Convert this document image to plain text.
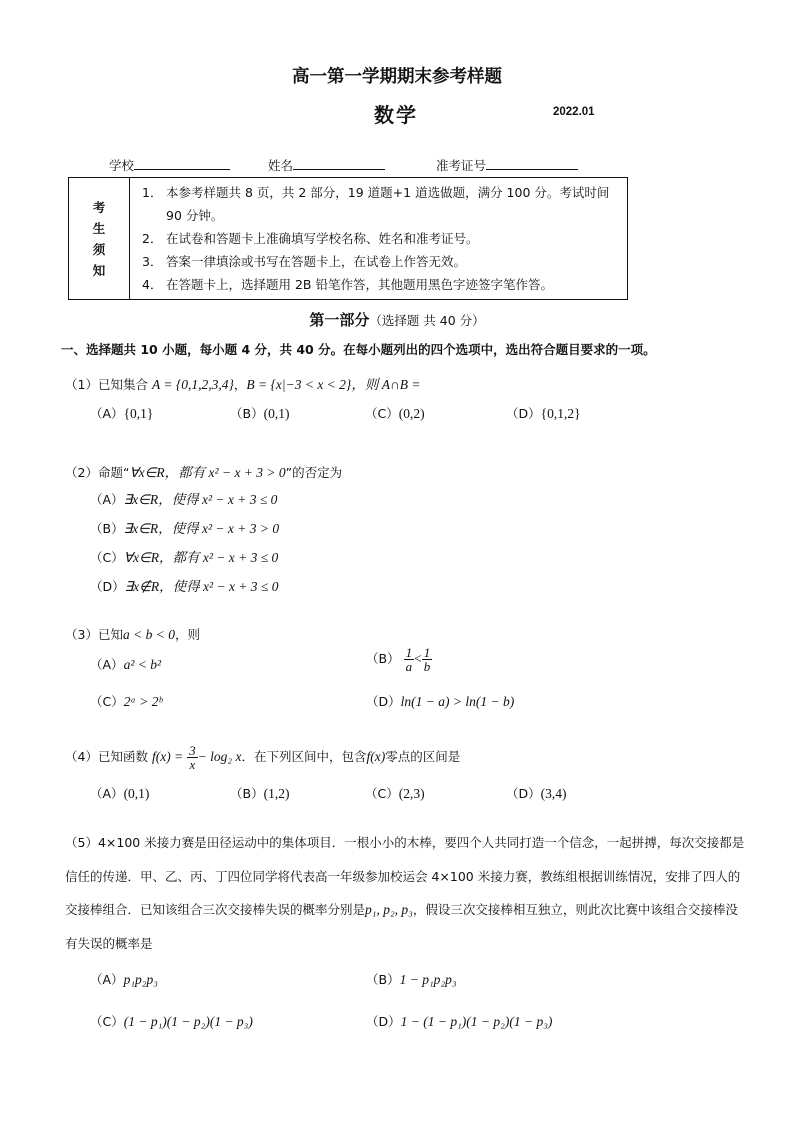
高一第一学期期末参考样题
数学	2022.01
学校	姓名	准考证号
考
生
须
知

1． 本参考样题共 8 页，共 2 部分，19 道题+1 道选做题，满分 100 分。考试时间 90 分钟。
2． 在试卷和答题卡上准确填写学校名称、姓名和准考证号。
3． 答案一律填涂或书写在答题卡上，在试卷上作答无效。
4． 在答题卡上，选择题用 2B 铅笔作答，其他题用黑色字迹签字笔作答。
第一部分（选择题 共 40 分）
一、选择题共 10 小题，每小题 4 分，共 40 分。在每小题列出的四个选项中，选出符合题目要求的一项。
（1）已知集合 A = {0,1,2,3,4}，B = {x|−3 < x < 2}，则 A∩B =
（A）{0,1}	（B）(0,1)	（C）(0,2)	（D）{0,1,2}
（2）命题“∀x∈R，都有 x² − x + 3 > 0”的否定为
（A）∃x∈R，使得 x² − x + 3 ≤ 0
（B）∃x∈R，使得 x² − x + 3 > 0
（C）∀x∈R，都有 x² − x + 3 ≤ 0
（D）∃x∉R，使得 x² − x + 3 ≤ 0
（3）已知a < b < 0，则
（A）a² < b²	$(B) \frac{1}{a} < \frac{1}{b}$
（C）2ᵃ > 2ᵇ	（D）ln(1 − a) > ln(1 − b)
（4）已知函数 $f(x) = \frac{3}{x} - \log_2$ x．在下列区间中，包含f(x)零点的区间是
（A）(0,1)	（B）(1,2)	（C）(2,3)	（D）(3,4)
（5）4×100 米接力赛是田径运动中的集体项目．一根小小的木棒，要四个人共同打造一个信念，一起拼搏，每次交接都是信任的传递．甲、乙、丙、丁四位同学将代表高一年级参加校运会 4×100 米接力赛，教练组根据训练情况，安排了四人的交接棒组合．已知该组合三次交接棒失误的概率分别是p₁, p₂, p₃，假设三次交接棒相互独立，则此次比赛中该组合交接棒没有失误的概率是
（A）p₁p₂p₃	（B）1 − p₁p₂p₃
（C）(1 − p₁)(1 − p₂)(1 − p₃)	（D）1 − (1 − p₁)(1 − p₂)(1 − p₃)
